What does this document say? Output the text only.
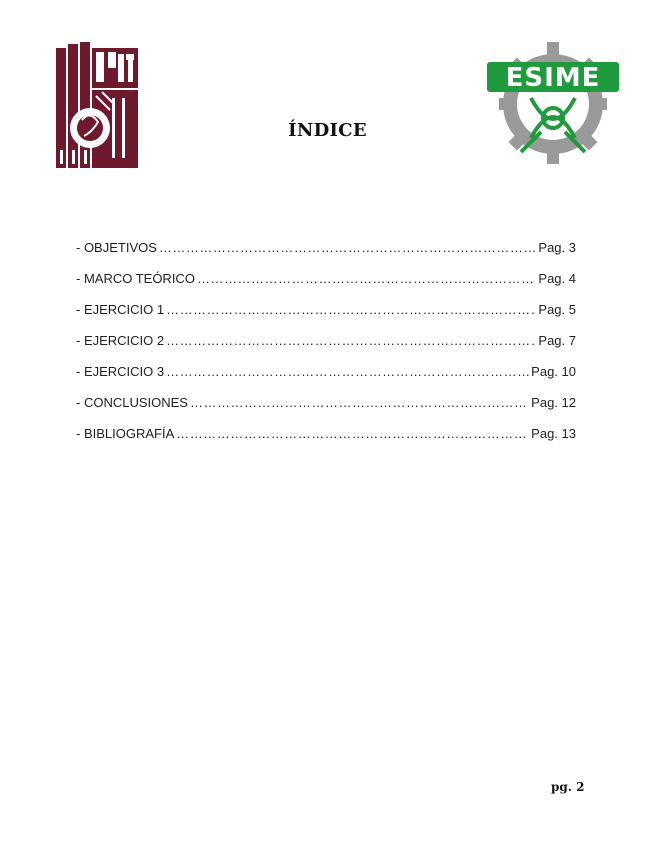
ESIME
ÍNDICE
- OBJETIVOS ………………………………………………………………………………………………………………………………………………………	Pag. 3
- MARCO TEÓRICO ………………………………………………………………………………………………………………………………………………………	Pag. 4
- EJERCICIO 1 ………………………………………………………………………………………………………………………………………………………	Pag. 5
- EJERCICIO 2 ………………………………………………………………………………………………………………………………………………………	Pag. 7
- EJERCICIO 3 ………………………………………………………………………………………………………………………………………………………	Pag. 10
- CONCLUSIONES ………………………………………………………………………………………………………………………………………………………	Pag. 12
- BIBLIOGRAFÍA ………………………………………………………………………………………………………………………………………………………	Pag. 13
pg. 2
